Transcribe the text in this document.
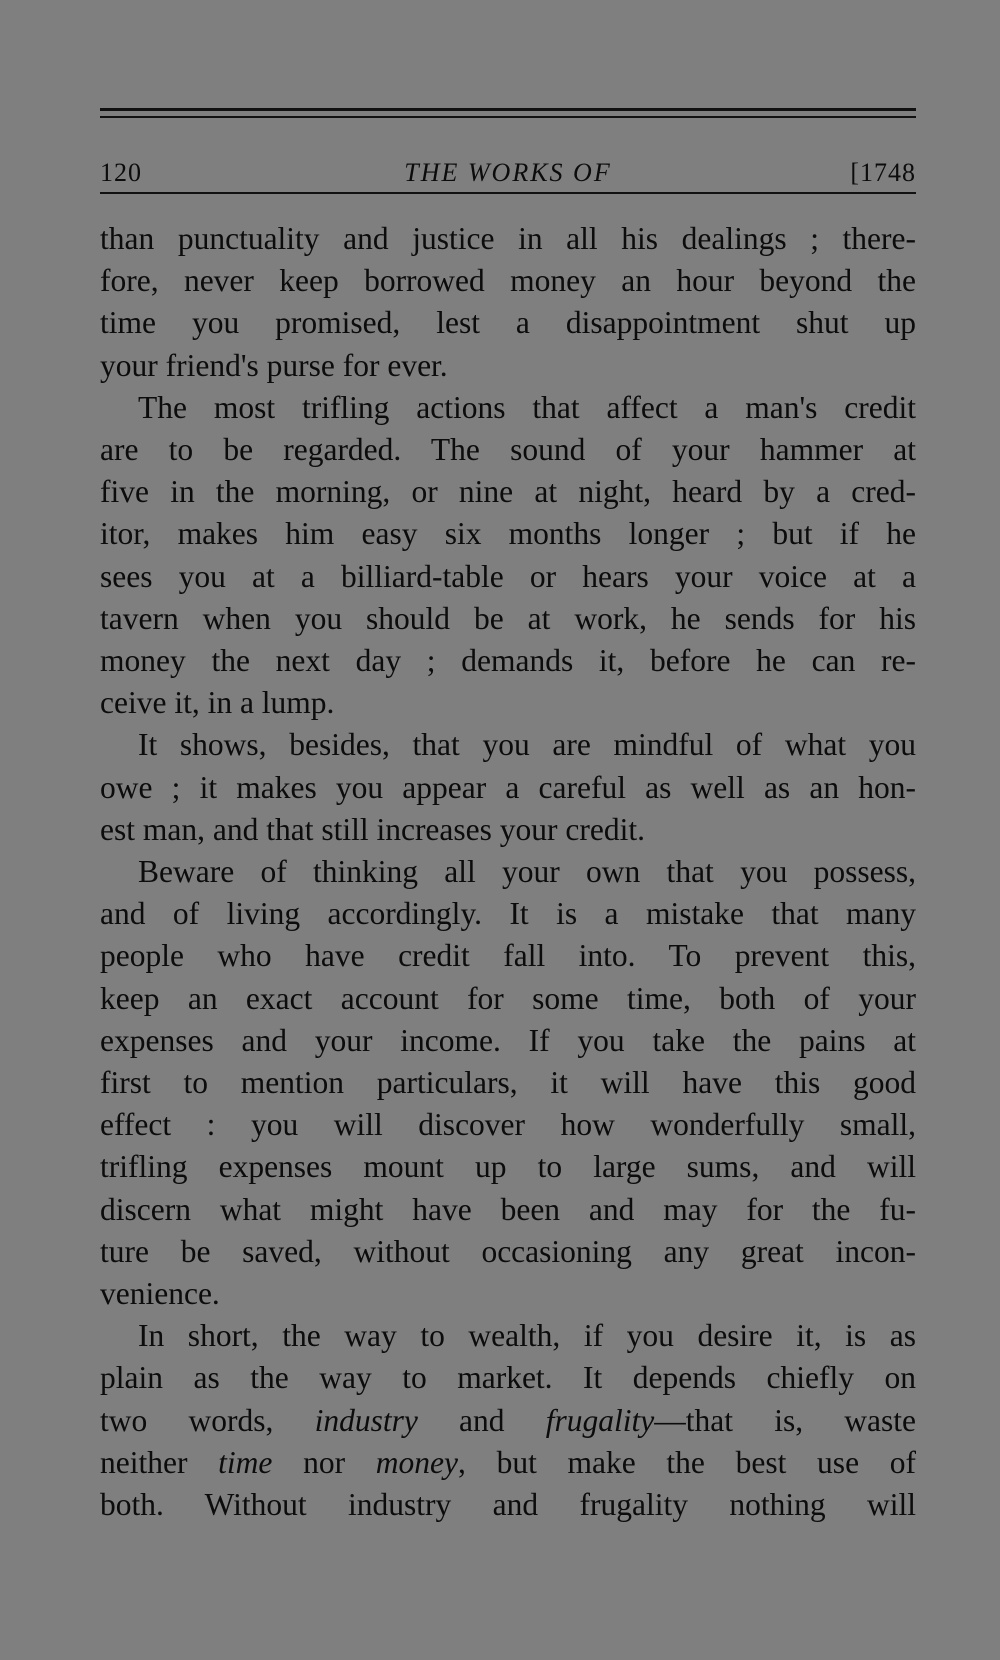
120	THE WORKS OF	[1748

than punctuality and justice in all his dealings ; there-
fore, never keep borrowed money an hour beyond the
time you promised, lest a disappointment shut up
your friend's purse for ever.

The most trifling actions that affect a man's credit
are to be regarded. The sound of your hammer at
five in the morning, or nine at night, heard by a cred-
itor, makes him easy six months longer ; but if he
sees you at a billiard-table or hears your voice at a
tavern when you should be at work, he sends for his
money the next day ; demands it, before he can re-
ceive it, in a lump.

It shows, besides, that you are mindful of what you
owe ; it makes you appear a careful as well as an hon-
est man, and that still increases your credit.

Beware of thinking all your own that you possess,
and of living accordingly. It is a mistake that many
people who have credit fall into. To prevent this,
keep an exact account for some time, both of your
expenses and your income. If you take the pains at
first to mention particulars, it will have this good
effect : you will discover how wonderfully small,
trifling expenses mount up to large sums, and will
discern what might have been and may for the fu-
ture be saved, without occasioning any great incon-
venience.

In short, the way to wealth, if you desire it, is as
plain as the way to market. It depends chiefly on
two words, industry and frugality—that is, waste
neither time nor money, but make the best use of
both. Without industry and frugality nothing will
